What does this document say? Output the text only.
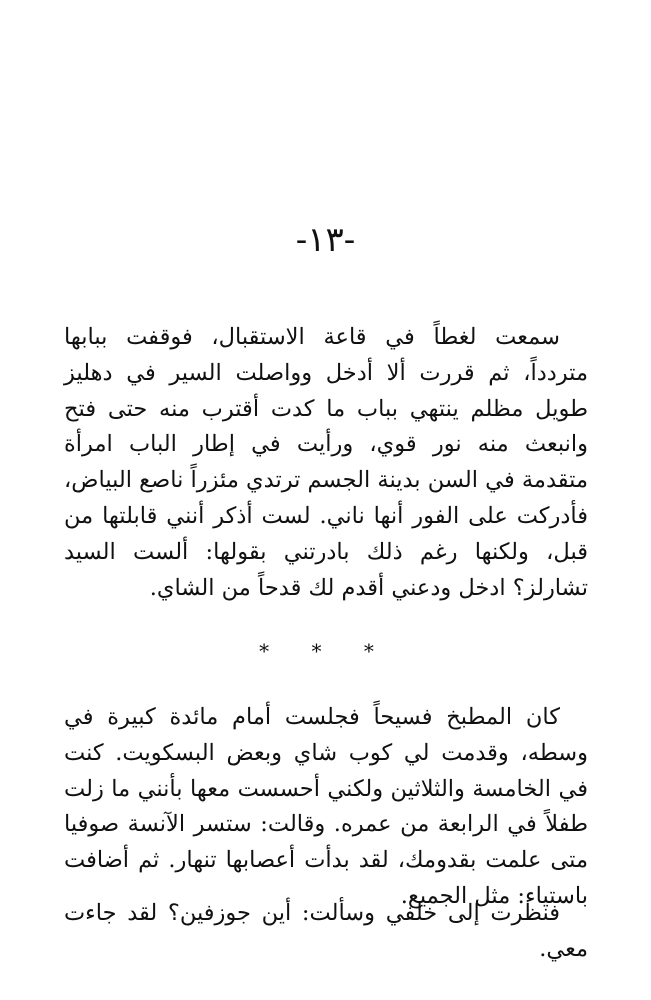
-١٣-

سمعت لغطاً في قاعة الاستقبال، فوقفت ببابها متردداً، ثم قررت ألا أدخل وواصلت السير في دهليز طويل مظلم ينتهي بباب ما كدت أقترب منه حتى فتح وانبعث منه نور قوي، ورأيت في إطار الباب امرأة متقدمة في السن بدينة الجسم ترتدي مئزراً ناصع البياض، فأدركت على الفور أنها ناني. لست أذكر أنني قابلتها من قبل، ولكنها رغم ذلك بادرتني بقولها: ألست السيد تشارلز؟ ادخل ودعني أقدم لك قدحاً من الشاي.

* * *

كان المطبخ فسيحاً فجلست أمام مائدة كبيرة في وسطه، وقدمت لي كوب شاي وبعض البسكويت. كنت في الخامسة والثلاثين ولكني أحسست معها بأنني ما زلت طفلاً في الرابعة من عمره. وقالت: ستسر الآنسة صوفيا متى علمت بقدومك، لقد بدأت أعصابها تنهار. ثم أضافت باستياء: مثل الجميع.

فنظرت إلى خلفي وسألت: أين جوزفين؟ لقد جاءت معي.
